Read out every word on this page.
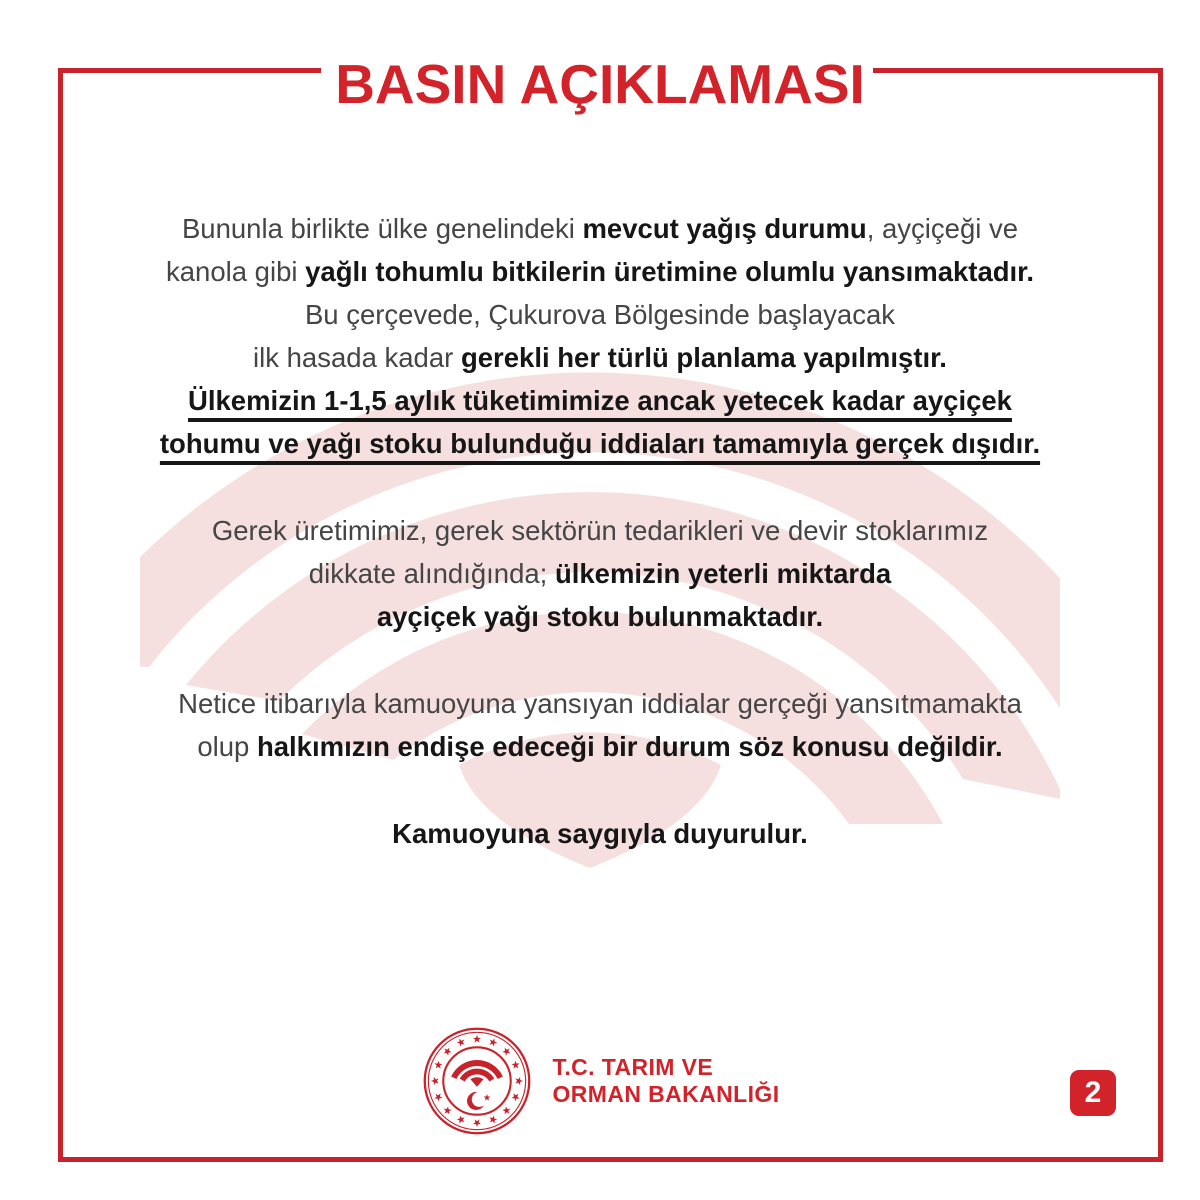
BASIN AÇIKLAMASI
Bununla birlikte ülke genelindeki mevcut yağış durumu, ayçiçeği ve
kanola gibi yağlı tohumlu bitkilerin üretimine olumlu yansımaktadır.
Bu çerçevede, Çukurova Bölgesinde başlayacak
ilk hasada kadar gerekli her türlü planlama yapılmıştır.
Ülkemizin 1-1,5 aylık tüketimimize ancak yetecek kadar ayçiçek
tohumu ve yağı stoku bulunduğu iddiaları tamamıyla gerçek dışıdır.
Gerek üretimimiz, gerek sektörün tedarikleri ve devir stoklarımız
dikkate alındığında; ülkemizin yeterli miktarda
ayçiçek yağı stoku bulunmaktadır.
Netice itibarıyla kamuoyuna yansıyan iddialar gerçeği yansıtmamakta
olup halkımızın endişe edeceği bir durum söz konusu değildir.
Kamuoyuna saygıyla duyurulur.
T.C. TARIM VE
ORMAN BAKANLIĞI	2
